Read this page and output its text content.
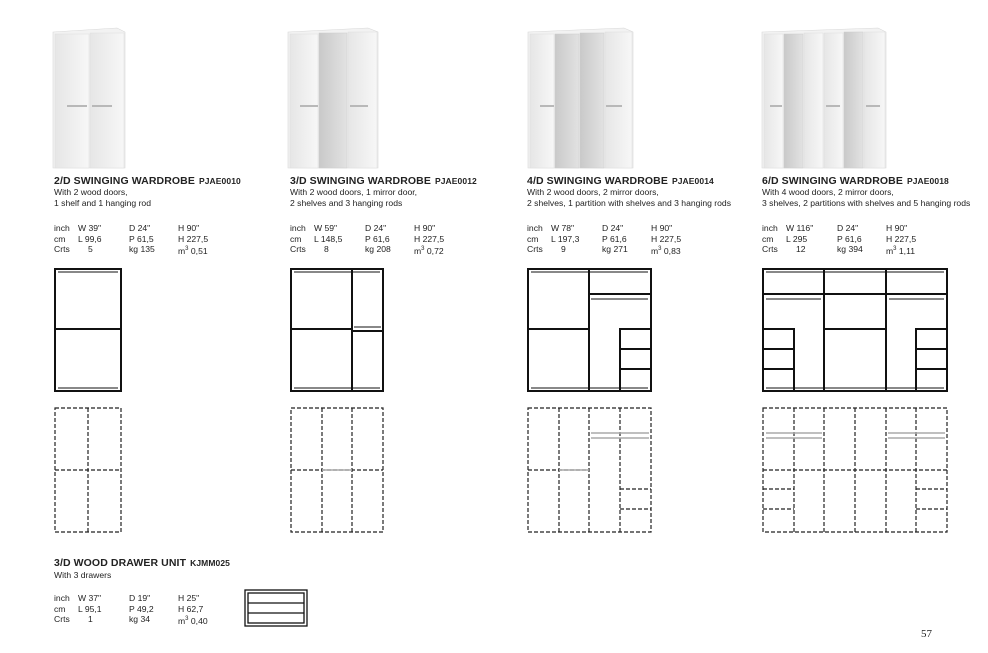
2/D SWINGING WARDROBE PJAE0010
With 2 wood doors,
1 shelf and 1 hanging rod
inch W 39"	D 24"	H 90"
cm L 99,6	P 61,5	H 227,5
Crts 5	kg 135	$m^3$ 0,51
3/D SWINGING WARDROBE PJAE0012
With 2 wood doors, 1 mirror door,
2 shelves and 3 hanging rods
inch W 59"	D 24"	H 90"
cm L 148,5	P 61,6	H 227,5
Crts 8	kg 208	$m^3$ 0,72
4/D SWINGING WARDROBE PJAE0014
With 2 wood doors, 2 mirror doors,
2 shelves, 1 partition with shelves and 3 hanging rods
inch W 78"	D 24"	H 90"
cm L 197,3	P 61,6	H 227,5
Crts 9	kg 271	$m^3$ 0,83
6/D SWINGING WARDROBE PJAE0018
With 4 wood doors, 2 mirror doors,
3 shelves, 2 partitions with shelves and 5 hanging rods
inch W 116"	D 24"	H 90"
cm L 295	P 61,6	H 227,5
Crts 12	kg 394	$m^3$ 1,11
3/D WOOD DRAWER UNIT KJMM025
With 3 drawers
inch W 37"	D 19"	H 25"
cm L 95,1	P 49,2	H 62,7
Crts 1	kg 34	$m^3$ 0,40
57
